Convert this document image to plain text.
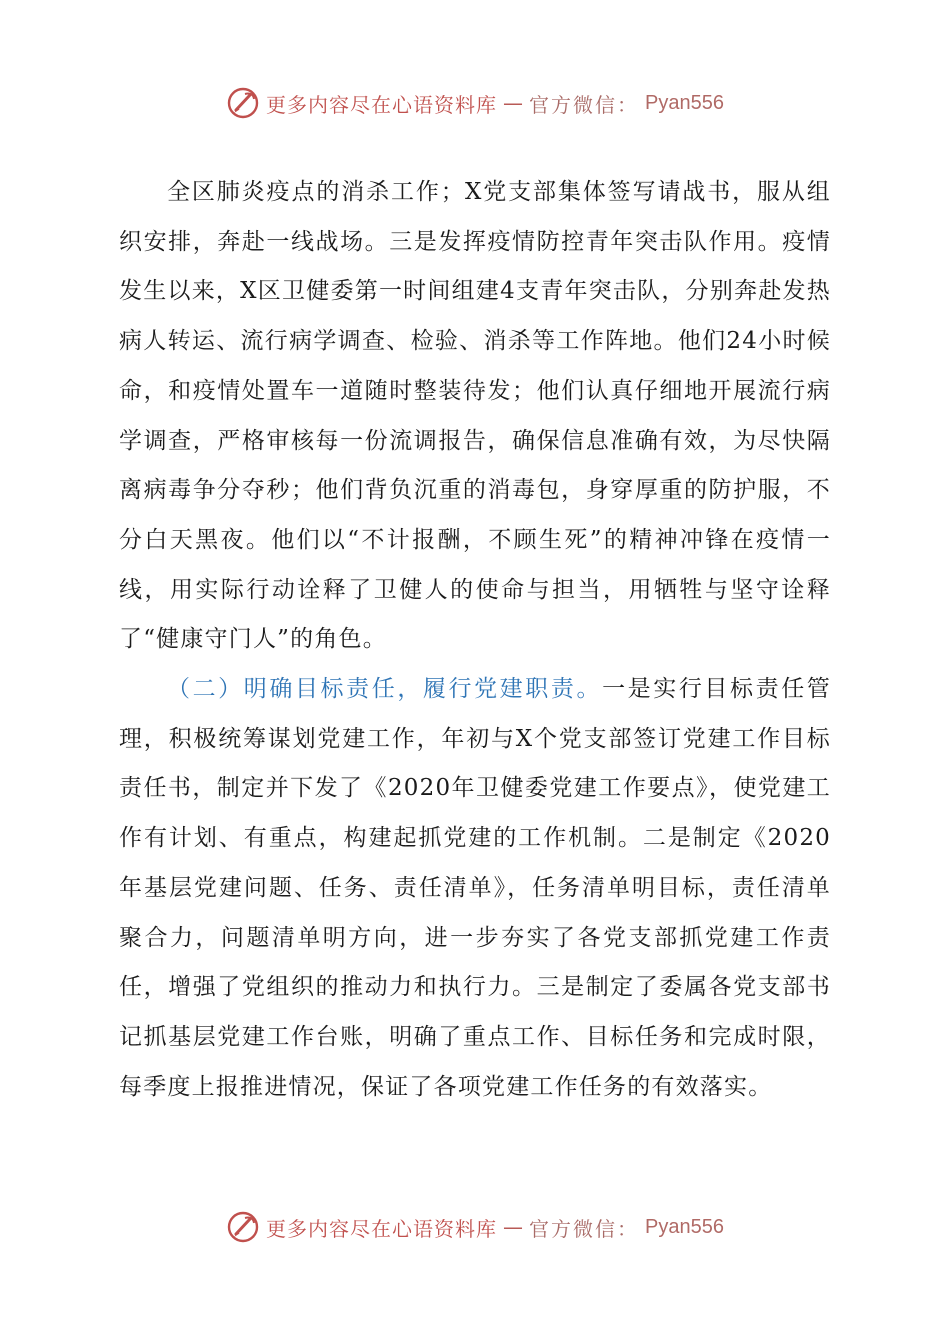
更多内容尽在心语资料库 — 官方微信： Pyan556

全区肺炎疫点的消杀工作；X党支部集体签写请战书，服从组织安排，奔赴一线战场。三是发挥疫情防控青年突击队作用。疫情发生以来，X区卫健委第一时间组建4支青年突击队，分别奔赴发热病人转运、流行病学调查、检验、消杀等工作阵地。他们24小时候命，和疫情处置车一道随时整装待发；他们认真仔细地开展流行病学调查，严格审核每一份流调报告，确保信息准确有效，为尽快隔离病毒争分夺秒；他们背负沉重的消毒包，身穿厚重的防护服，不分白天黑夜。他们以“不计报酬，不顾生死”的精神冲锋在疫情一线，用实际行动诠释了卫健人的使命与担当，用牺牲与坚守诠释了“健康守门人”的角色。

（二）明确目标责任，履行党建职责。一是实行目标责任管理，积极统筹谋划党建工作，年初与X个党支部签订党建工作目标责任书，制定并下发了《2020年卫健委党建工作要点》，使党建工作有计划、有重点，构建起抓党建的工作机制。二是制定《2020年基层党建问题、任务、责任清单》，任务清单明目标，责任清单聚合力，问题清单明方向，进一步夯实了各党支部抓党建工作责任，增强了党组织的推动力和执行力。三是制定了委属各党支部书记抓基层党建工作台账，明确了重点工作、目标任务和完成时限，每季度上报推进情况，保证了各项党建工作任务的有效落实。

更多内容尽在心语资料库 — 官方微信： Pyan556
